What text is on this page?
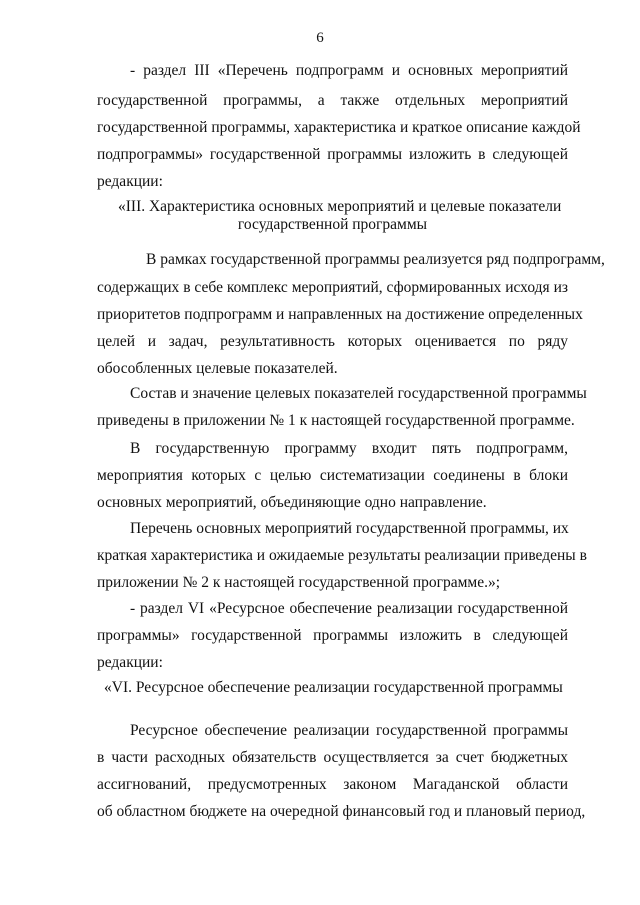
6
- раздел III «Перечень подпрограмм и основных мероприятий
государственной программы, а также отдельных мероприятий
государственной программы, характеристика и краткое описание каждой
подпрограммы» государственной программы изложить в следующей
редакции:
«III. Характеристика основных мероприятий и целевые показатели
государственной программы
В рамках государственной программы реализуется ряд подпрограмм,
содержащих в себе комплекс мероприятий, сформированных исходя из
приоритетов подпрограмм и направленных на достижение определенных
целей и задач, результативность которых оценивается по ряду
обособленных целевые показателей.
Состав и значение целевых показателей государственной программы
приведены в приложении № 1 к настоящей государственной программе.
В государственную программу входит пять подпрограмм,
мероприятия которых с целью систематизации соединены в блоки
основных мероприятий, объединяющие одно направление.
Перечень основных мероприятий государственной программы, их
краткая характеристика и ожидаемые результаты реализации приведены в
приложении № 2 к настоящей государственной программе.»;
- раздел VI «Ресурсное обеспечение реализации государственной
программы» государственной программы изложить в следующей
редакции:
«VI. Ресурсное обеспечение реализации государственной программы
Ресурсное обеспечение реализации государственной программы
в части расходных обязательств осуществляется за счет бюджетных
ассигнований, предусмотренных законом Магаданской области
об областном бюджете на очередной финансовый год и плановый период,
